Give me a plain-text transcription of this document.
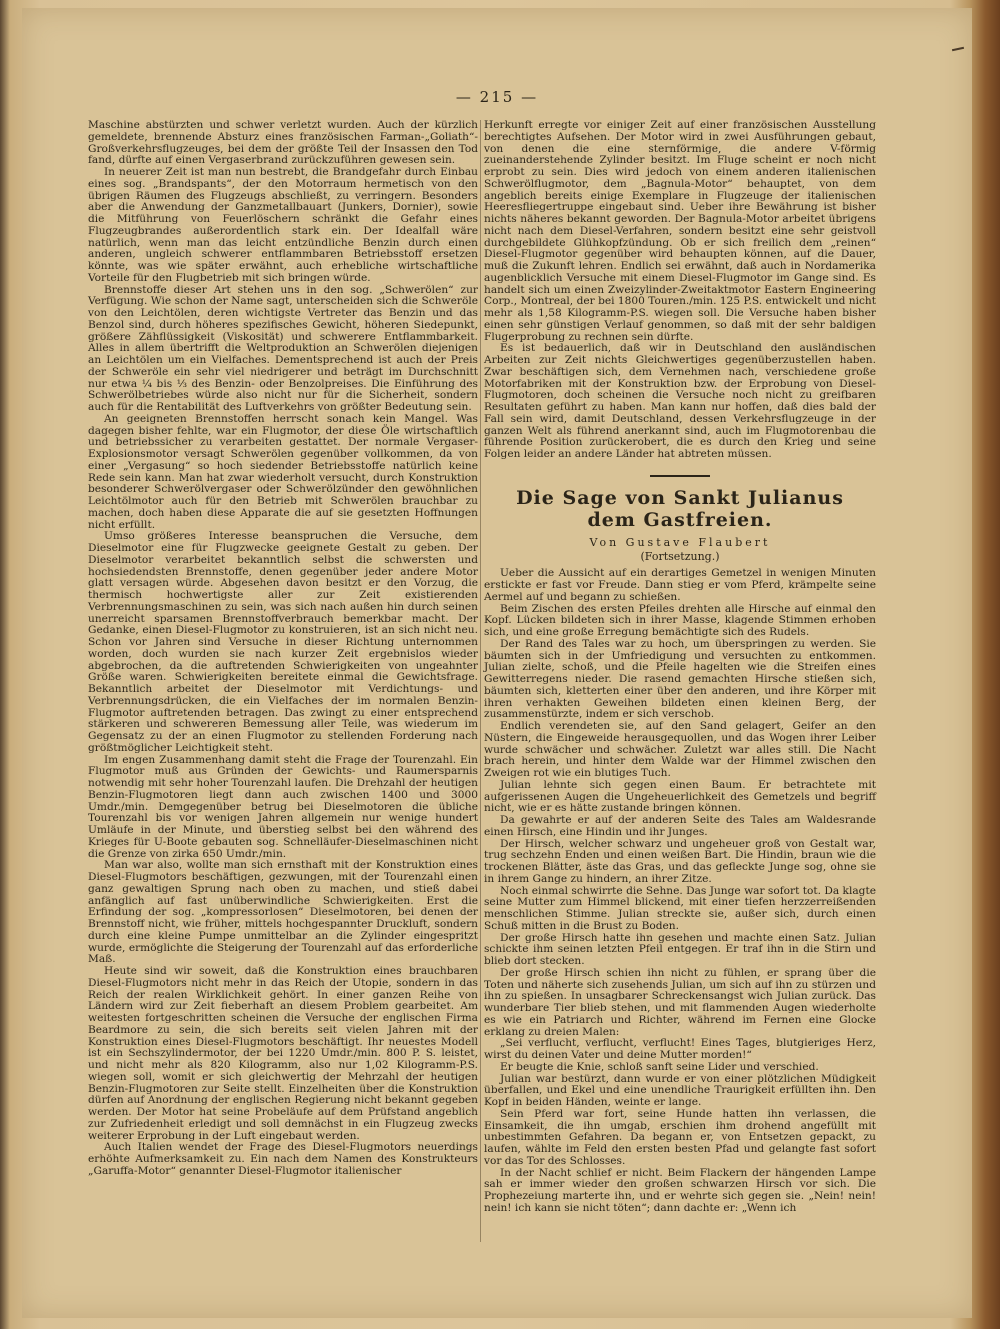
— 215 —

Maschine abstürzten und schwer verletzt wurden. Auch der kürzlich gemeldete, brennende Absturz eines französischen Farman-„Goliath“-Großverkehrsflugzeuges, bei dem der größte Teil der Insassen den Tod fand, dürfte auf einen Vergaserbrand zurückzuführen gewesen sein.

In neuerer Zeit ist man nun bestrebt, die Brandgefahr durch Einbau eines sog. „Brandspants“, der den Motorraum hermetisch von den übrigen Räumen des Flugzeugs abschließt, zu verringern. Besonders aber die Anwendung der Ganzmetallbauart (Junkers, Dornier), sowie die Mitführung von Feuerlöschern schränkt die Gefahr eines Flugzeugbrandes außerordentlich stark ein. Der Idealfall wäre natürlich, wenn man das leicht entzündliche Benzin durch einen anderen, ungleich schwerer entflammbaren Betriebsstoff ersetzen könnte, was wie später erwähnt, auch erhebliche wirtschaftliche Vorteile für den Flugbetrieb mit sich bringen würde.

Brennstoffe dieser Art stehen uns in den sog. „Schwerölen“ zur Verfügung. Wie schon der Name sagt, unterscheiden sich die Schweröle von den Leichtölen, deren wichtigste Vertreter das Benzin und das Benzol sind, durch höheres spezifisches Gewicht, höheren Siedepunkt, größere Zähflüssigkeit (Viskosität) und schwerere Entflammbarkeit. Alles in allem übertrifft die Weltproduktion an Schwerölen diejenigen an Leichtölen um ein Vielfaches. Dementsprechend ist auch der Preis der Schweröle ein sehr viel niedrigerer und beträgt im Durchschnitt nur etwa ¼ bis ⅓ des Benzin- oder Benzolpreises. Die Einführung des Schwerölbetriebes würde also nicht nur für die Sicherheit, sondern auch für die Rentabilität des Luftverkehrs von größter Bedeutung sein.

An geeigneten Brennstoffen herrscht sonach kein Mangel. Was dagegen bisher fehlte, war ein Flugmotor, der diese Öle wirtschaftlich und betriebssicher zu verarbeiten gestattet. Der normale Vergaser-Explosionsmotor versagt Schwerölen gegenüber vollkommen, da von einer „Vergasung“ so hoch siedender Betriebsstoffe natürlich keine Rede sein kann. Man hat zwar wiederholt versucht, durch Konstruktion besonderer Schwerölvergaser oder Schwerölzünder den gewöhnlichen Leichtölmotor auch für den Betrieb mit Schwerölen brauchbar zu machen, doch haben diese Apparate die auf sie gesetzten Hoffnungen nicht erfüllt.

Umso größeres Interesse beanspruchen die Versuche, dem Dieselmotor eine für Flugzwecke geeignete Gestalt zu geben. Der Dieselmotor verarbeitet bekanntlich selbst die schwersten und hochsiedendsten Brennstoffe, denen gegenüber jeder andere Motor glatt versagen würde. Abgesehen davon besitzt er den Vorzug, die thermisch hochwertigste aller zur Zeit existierenden Verbrennungsmaschinen zu sein, was sich nach außen hin durch seinen unerreicht sparsamen Brennstoffverbrauch bemerkbar macht. Der Gedanke, einen Diesel-Flugmotor zu konstruieren, ist an sich nicht neu. Schon vor Jahren sind Versuche in dieser Richtung unternommen worden, doch wurden sie nach kurzer Zeit ergebnislos wieder abgebrochen, da die auftretenden Schwierigkeiten von ungeahnter Größe waren. Schwierigkeiten bereitete einmal die Gewichtsfrage. Bekanntlich arbeitet der Dieselmotor mit Verdichtungs- und Verbrennungsdrücken, die ein Vielfaches der im normalen Benzin-Flugmotor auftretenden betragen. Das zwingt zu einer entsprechend stärkeren und schwereren Bemessung aller Teile, was wiederum im Gegensatz zu der an einen Flugmotor zu stellenden Forderung nach größtmöglicher Leichtigkeit steht.

Im engen Zusammenhang damit steht die Frage der Tourenzahl. Ein Flugmotor muß aus Gründen der Gewichts- und Raumersparnis notwendig mit sehr hoher Tourenzahl laufen. Die Drehzahl der heutigen Benzin-Flugmotoren liegt dann auch zwischen 1400 und 3000 Umdr./min. Demgegenüber betrug bei Dieselmotoren die übliche Tourenzahl bis vor wenigen Jahren allgemein nur wenige hundert Umläufe in der Minute, und überstieg selbst bei den während des Krieges für U-Boote gebauten sog. Schnelläufer-Dieselmaschinen nicht die Grenze von zirka 650 Umdr./min.

Man war also, wollte man sich ernsthaft mit der Konstruktion eines Diesel-Flugmotors beschäftigen, gezwungen, mit der Tourenzahl einen ganz gewaltigen Sprung nach oben zu machen, und stieß dabei anfänglich auf fast unüberwindliche Schwierigkeiten. Erst die Erfindung der sog. „kompressorlosen“ Dieselmotoren, bei denen der Brennstoff nicht, wie früher, mittels hochgespannter Druckluft, sondern durch eine kleine Pumpe unmittelbar an die Zylinder eingespritzt wurde, ermöglichte die Steigerung der Tourenzahl auf das erforderliche Maß.

Heute sind wir soweit, daß die Konstruktion eines brauchbaren Diesel-Flugmotors nicht mehr in das Reich der Utopie, sondern in das Reich der realen Wirklichkeit gehört. In einer ganzen Reihe von Ländern wird zur Zeit fieberhaft an diesem Problem gearbeitet. Am weitesten fortgeschritten scheinen die Versuche der englischen Firma Beardmore zu sein, die sich bereits seit vielen Jahren mit der Konstruktion eines Diesel-Flugmotors beschäftigt. Ihr neuestes Modell ist ein Sechszylindermotor, der bei 1220 Umdr./min. 800 P. S. leistet, und nicht mehr als 820 Kilogramm, also nur 1,02 Kilogramm-P.S. wiegen soll, womit er sich gleichwertig der Mehrzahl der heutigen Benzin-Flugmotoren zur Seite stellt. Einzelheiten über die Konstruktion dürfen auf Anordnung der englischen Regierung nicht bekannt gegeben werden. Der Motor hat seine Probeläufe auf dem Prüfstand angeblich zur Zufriedenheit erledigt und soll demnächst in ein Flugzeug zwecks weiterer Erprobung in der Luft eingebaut werden.

Auch Italien wendet der Frage des Diesel-Flugmotors neuerdings erhöhte Aufmerksamkeit zu. Ein nach dem Namen des Konstrukteurs „Garuffa-Motor“ genannter Diesel-Flugmotor italienischer

Herkunft erregte vor einiger Zeit auf einer französischen Ausstellung berechtigtes Aufsehen. Der Motor wird in zwei Ausführungen gebaut, von denen die eine sternförmige, die andere V-förmig zueinanderstehende Zylinder besitzt. Im Fluge scheint er noch nicht erprobt zu sein. Dies wird jedoch von einem anderen italienischen Schwerölflugmotor, dem „Bagnula-Motor“ behauptet, von dem angeblich bereits einige Exemplare in Flugzeuge der italienischen Heeresfliegertruppe eingebaut sind. Ueber ihre Bewährung ist bisher nichts näheres bekannt geworden. Der Bagnula-Motor arbeitet übrigens nicht nach dem Diesel-Verfahren, sondern besitzt eine sehr geistvoll durchgebildete Glühkopfzündung. Ob er sich freilich dem „reinen“ Diesel-Flugmotor gegenüber wird behaupten können, auf die Dauer, muß die Zukunft lehren. Endlich sei erwähnt, daß auch in Nordamerika augenblicklich Versuche mit einem Diesel-Flugmotor im Gange sind. Es handelt sich um einen Zweizylinder-Zweitaktmotor Eastern Engineering Corp., Montreal, der bei 1800 Touren./min. 125 P.S. entwickelt und nicht mehr als 1,58 Kilogramm-P.S. wiegen soll. Die Versuche haben bisher einen sehr günstigen Verlauf genommen, so daß mit der sehr baldigen Flugerprobung zu rechnen sein dürfte.

Es ist bedauerlich, daß wir in Deutschland den ausländischen Arbeiten zur Zeit nichts Gleichwertiges gegenüberzustellen haben. Zwar beschäftigen sich, dem Vernehmen nach, verschiedene große Motorfabriken mit der Konstruktion bzw. der Erprobung von Diesel-Flugmotoren, doch scheinen die Versuche noch nicht zu greifbaren Resultaten geführt zu haben. Man kann nur hoffen, daß dies bald der Fall sein wird, damit Deutschland, dessen Verkehrsflugzeuge in der ganzen Welt als führend anerkannt sind, auch im Flugmotorenbau die führende Position zurückerobert, die es durch den Krieg und seine Folgen leider an andere Länder hat abtreten müssen.

Die Sage von Sankt Julianus
dem Gastfreien.
Von Gustave Flaubert
(Fortsetzung.)

Ueber die Aussicht auf ein derartiges Gemetzel in wenigen Minuten erstickte er fast vor Freude. Dann stieg er vom Pferd, krämpelte seine Aermel auf und begann zu schießen.

Beim Zischen des ersten Pfeiles drehten alle Hirsche auf einmal den Kopf. Lücken bildeten sich in ihrer Masse, klagende Stimmen erhoben sich, und eine große Erregung bemächtigte sich des Rudels.

Der Rand des Tales war zu hoch, um überspringen zu werden. Sie bäumten sich in der Umfriedigung und versuchten zu entkommen. Julian zielte, schoß, und die Pfeile hagelten wie die Streifen eines Gewitterregens nieder. Die rasend gemachten Hirsche stießen sich, bäumten sich, kletterten einer über den anderen, und ihre Körper mit ihren verhakten Geweihen bildeten einen kleinen Berg, der zusammenstürzte, indem er sich verschob.

Endlich verendeten sie, auf den Sand gelagert, Geifer an den Nüstern, die Eingeweide herausgequollen, und das Wogen ihrer Leiber wurde schwächer und schwächer. Zuletzt war alles still. Die Nacht brach herein, und hinter dem Walde war der Himmel zwischen den Zweigen rot wie ein blutiges Tuch.

Julian lehnte sich gegen einen Baum. Er betrachtete mit aufgerissenen Augen die Ungeheuerlichkeit des Gemetzels und begriff nicht, wie er es hätte zustande bringen können.

Da gewahrte er auf der anderen Seite des Tales am Waldesrande einen Hirsch, eine Hindin und ihr Junges.

Der Hirsch, welcher schwarz und ungeheuer groß von Gestalt war, trug sechzehn Enden und einen weißen Bart. Die Hindin, braun wie die trockenen Blätter, äste das Gras, und das gefleckte Junge sog, ohne sie in ihrem Gange zu hindern, an ihrer Zitze.

Noch einmal schwirrte die Sehne. Das Junge war sofort tot. Da klagte seine Mutter zum Himmel blickend, mit einer tiefen herzzerreißenden menschlichen Stimme. Julian streckte sie, außer sich, durch einen Schuß mitten in die Brust zu Boden.

Der große Hirsch hatte ihn gesehen und machte einen Satz. Julian schickte ihm seinen letzten Pfeil entgegen. Er traf ihn in die Stirn und blieb dort stecken.

Der große Hirsch schien ihn nicht zu fühlen, er sprang über die Toten und näherte sich zusehends Julian, um sich auf ihn zu stürzen und ihn zu spießen. In unsagbarer Schreckensangst wich Julian zurück. Das wunderbare Tier blieb stehen, und mit flammenden Augen wiederholte es wie ein Patriarch und Richter, während im Fernen eine Glocke erklang zu dreien Malen:

„Sei verflucht, verflucht, verflucht! Eines Tages, blutgieriges Herz, wirst du deinen Vater und deine Mutter morden!“

Er beugte die Knie, schloß sanft seine Lider und verschied.

Julian war bestürzt, dann wurde er von einer plötzlichen Müdigkeit überfallen, und Ekel und eine unendliche Traurigkeit erfüllten ihn. Den Kopf in beiden Händen, weinte er lange.

Sein Pferd war fort, seine Hunde hatten ihn verlassen, die Einsamkeit, die ihn umgab, erschien ihm drohend angefüllt mit unbestimmten Gefahren. Da begann er, von Entsetzen gepackt, zu laufen, wählte im Feld den ersten besten Pfad und gelangte fast sofort vor das Tor des Schlosses.

In der Nacht schlief er nicht. Beim Flackern der hängenden Lampe sah er immer wieder den großen schwarzen Hirsch vor sich. Die Prophezeiung marterte ihn, und er wehrte sich gegen sie. „Nein! nein! nein! ich kann sie nicht töten“; dann dachte er: „Wenn ich
